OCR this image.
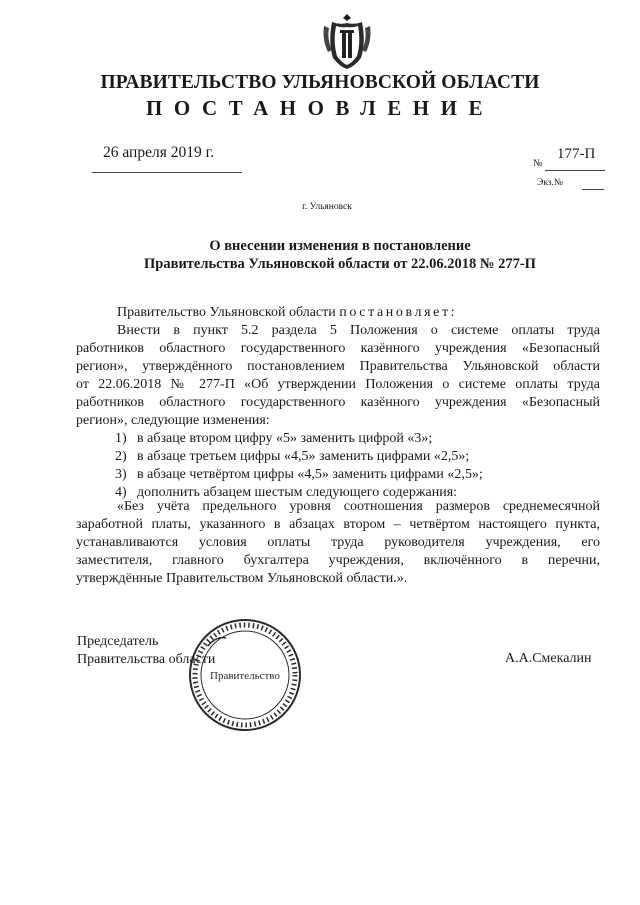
ПРАВИТЕЛЬСТВО УЛЬЯНОВСКОЙ ОБЛАСТИ
ПОСТАНОВЛЕНИЕ
26 апреля 2019 г.
№
177-П
Экз.№
г. Ульяновск
О внесении изменения в постановление
Правительства Ульяновской области от 22.06.2018 № 277-П
Правительство Ульяновской области постановляет:
Внести в пункт 5.2 раздела 5 Положения о системе оплаты труда
работников областного государственного казённого учреждения «Безопасный
регион», утверждённого постановлением Правительства Ульяновской области
от 22.06.2018 № 277-П «Об утверждении Положения о системе оплаты труда
работников областного государственного казённого учреждения «Безопасный
регион», следующие изменения:
1) в абзаце втором цифру «5» заменить цифрой «3»;
2) в абзаце третьем цифры «4,5» заменить цифрами «2,5»;
3) в абзаце четвёртом цифры «4,5» заменить цифрами «2,5»;
4) дополнить абзацем шестым следующего содержания:
«Без учёта предельного уровня соотношения размеров среднемесячной
заработной платы, указанного в абзацах втором – четвёртом настоящего пункта,
устанавливаются условия оплаты труда руководителя учреждения, его
заместителя, главного бухгалтера учреждения, включённого в перечни,
утверждённые Правительством Ульяновской области.».
Председатель
Правительства области
Правительство
А.А.Смекалин
